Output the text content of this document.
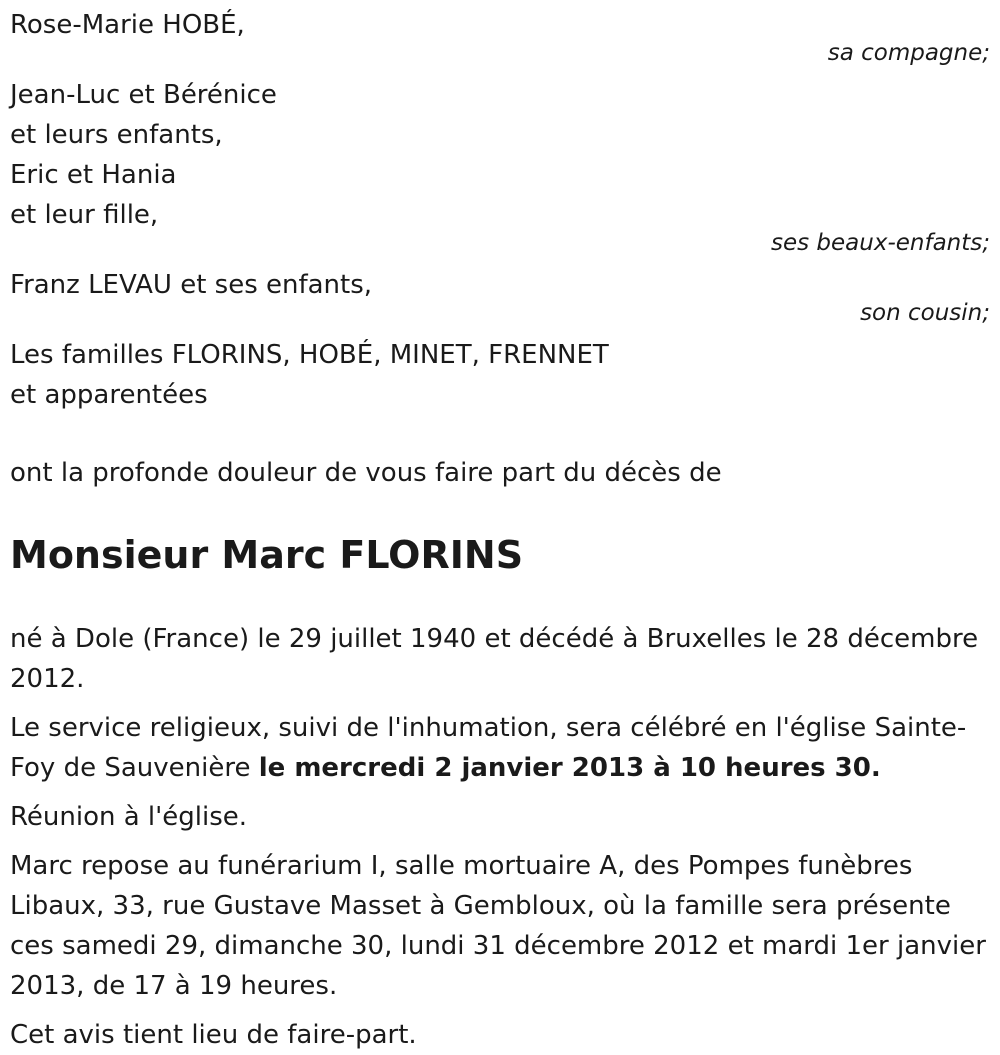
Rose-Marie HOBÉ,

sa compagne;

Jean-Luc et Bérénice

et leurs enfants,

Eric et Hania

et leur fille,

ses beaux-enfants;

Franz LEVAU et ses enfants,

son cousin;

Les familles FLORINS, HOBÉ, MINET, FRENNET

et apparentées

ont la profonde douleur de vous faire part du décès de

Monsieur Marc FLORINS

né à Dole (France) le 29 juillet 1940 et décédé à Bruxelles le 28 décembre 2012.

Le service religieux, suivi de l'inhumation, sera célébré en l'église Sainte-Foy de Sauvenière le mercredi 2 janvier 2013 à 10 heures 30.

Réunion à l'église.

Marc repose au funérarium I, salle mortuaire A, des Pompes funèbres Libaux, 33, rue Gustave Masset à Gembloux, où la famille sera présente ces samedi 29, dimanche 30, lundi 31 décembre 2012 et mardi 1er janvier 2013, de 17 à 19 heures.

Cet avis tient lieu de faire-part.
